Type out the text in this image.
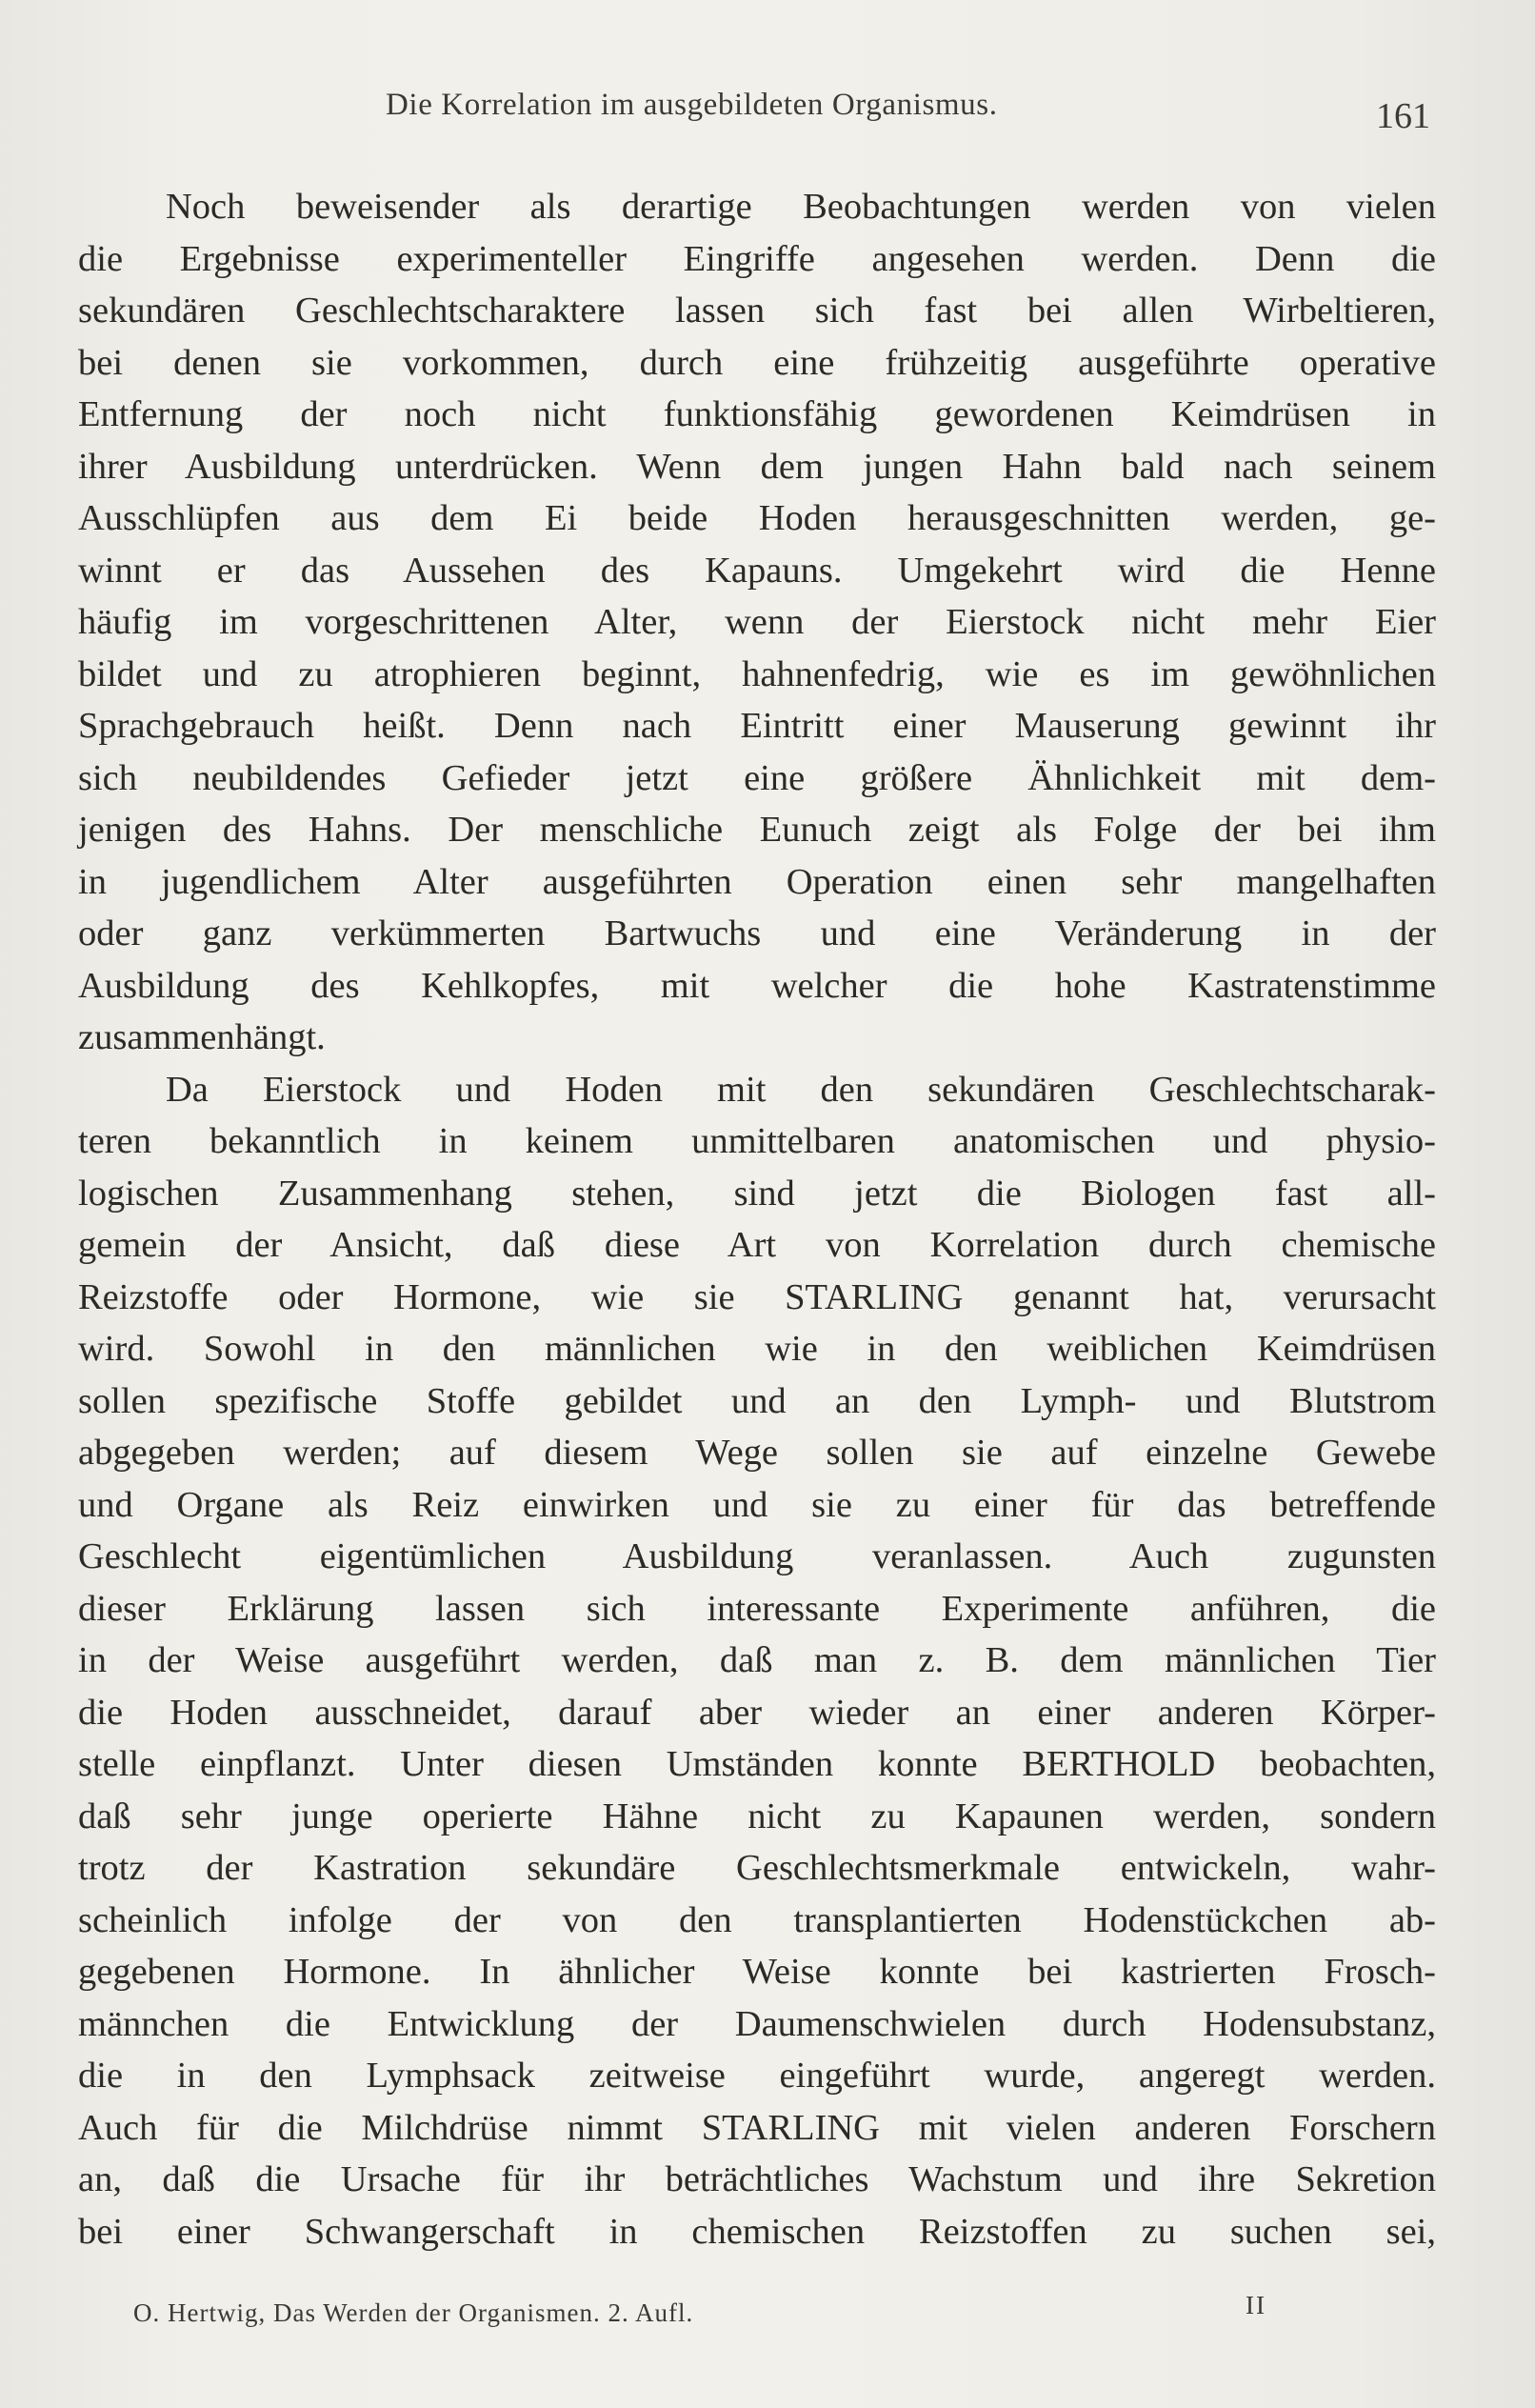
Die Korrelation im ausgebildeten Organismus.	161
Noch beweisender als derartige Beobachtungen werden von vielen
die Ergebnisse experimenteller Eingriffe angesehen werden. Denn die
sekundären Geschlechtscharaktere lassen sich fast bei allen Wirbeltieren,
bei denen sie vorkommen, durch eine frühzeitig ausgeführte operative
Entfernung der noch nicht funktionsfähig gewordenen Keimdrüsen in
ihrer Ausbildung unterdrücken. Wenn dem jungen Hahn bald nach seinem
Ausschlüpfen aus dem Ei beide Hoden herausgeschnitten werden, ge-
winnt er das Aussehen des Kapauns. Umgekehrt wird die Henne
häufig im vorgeschrittenen Alter, wenn der Eierstock nicht mehr Eier
bildet und zu atrophieren beginnt, hahnenfedrig, wie es im gewöhnlichen
Sprachgebrauch heißt. Denn nach Eintritt einer Mauserung gewinnt ihr
sich neubildendes Gefieder jetzt eine größere Ähnlichkeit mit dem-
jenigen des Hahns. Der menschliche Eunuch zeigt als Folge der bei ihm
in jugendlichem Alter ausgeführten Operation einen sehr mangelhaften
oder ganz verkümmerten Bartwuchs und eine Veränderung in der
Ausbildung des Kehlkopfes, mit welcher die hohe Kastratenstimme
zusammenhängt.
Da Eierstock und Hoden mit den sekundären Geschlechtscharak-
teren bekanntlich in keinem unmittelbaren anatomischen und physio-
logischen Zusammenhang stehen, sind jetzt die Biologen fast all-
gemein der Ansicht, daß diese Art von Korrelation durch chemische
Reizstoffe oder Hormone, wie sie STARLING genannt hat, verursacht
wird. Sowohl in den männlichen wie in den weiblichen Keimdrüsen
sollen spezifische Stoffe gebildet und an den Lymph- und Blutstrom
abgegeben werden; auf diesem Wege sollen sie auf einzelne Gewebe
und Organe als Reiz einwirken und sie zu einer für das betreffende
Geschlecht eigentümlichen Ausbildung veranlassen. Auch zugunsten
dieser Erklärung lassen sich interessante Experimente anführen, die
in der Weise ausgeführt werden, daß man z. B. dem männlichen Tier
die Hoden ausschneidet, darauf aber wieder an einer anderen Körper-
stelle einpflanzt. Unter diesen Umständen konnte BERTHOLD beobachten,
daß sehr junge operierte Hähne nicht zu Kapaunen werden, sondern
trotz der Kastration sekundäre Geschlechtsmerkmale entwickeln, wahr-
scheinlich infolge der von den transplantierten Hodenstückchen ab-
gegebenen Hormone. In ähnlicher Weise konnte bei kastrierten Frosch-
männchen die Entwicklung der Daumenschwielen durch Hodensubstanz,
die in den Lymphsack zeitweise eingeführt wurde, angeregt werden.
Auch für die Milchdrüse nimmt STARLING mit vielen anderen Forschern
an, daß die Ursache für ihr beträchtliches Wachstum und ihre Sekretion
bei einer Schwangerschaft in chemischen Reizstoffen zu suchen sei,
O. Hertwig, Das Werden der Organismen. 2. Aufl.	II
